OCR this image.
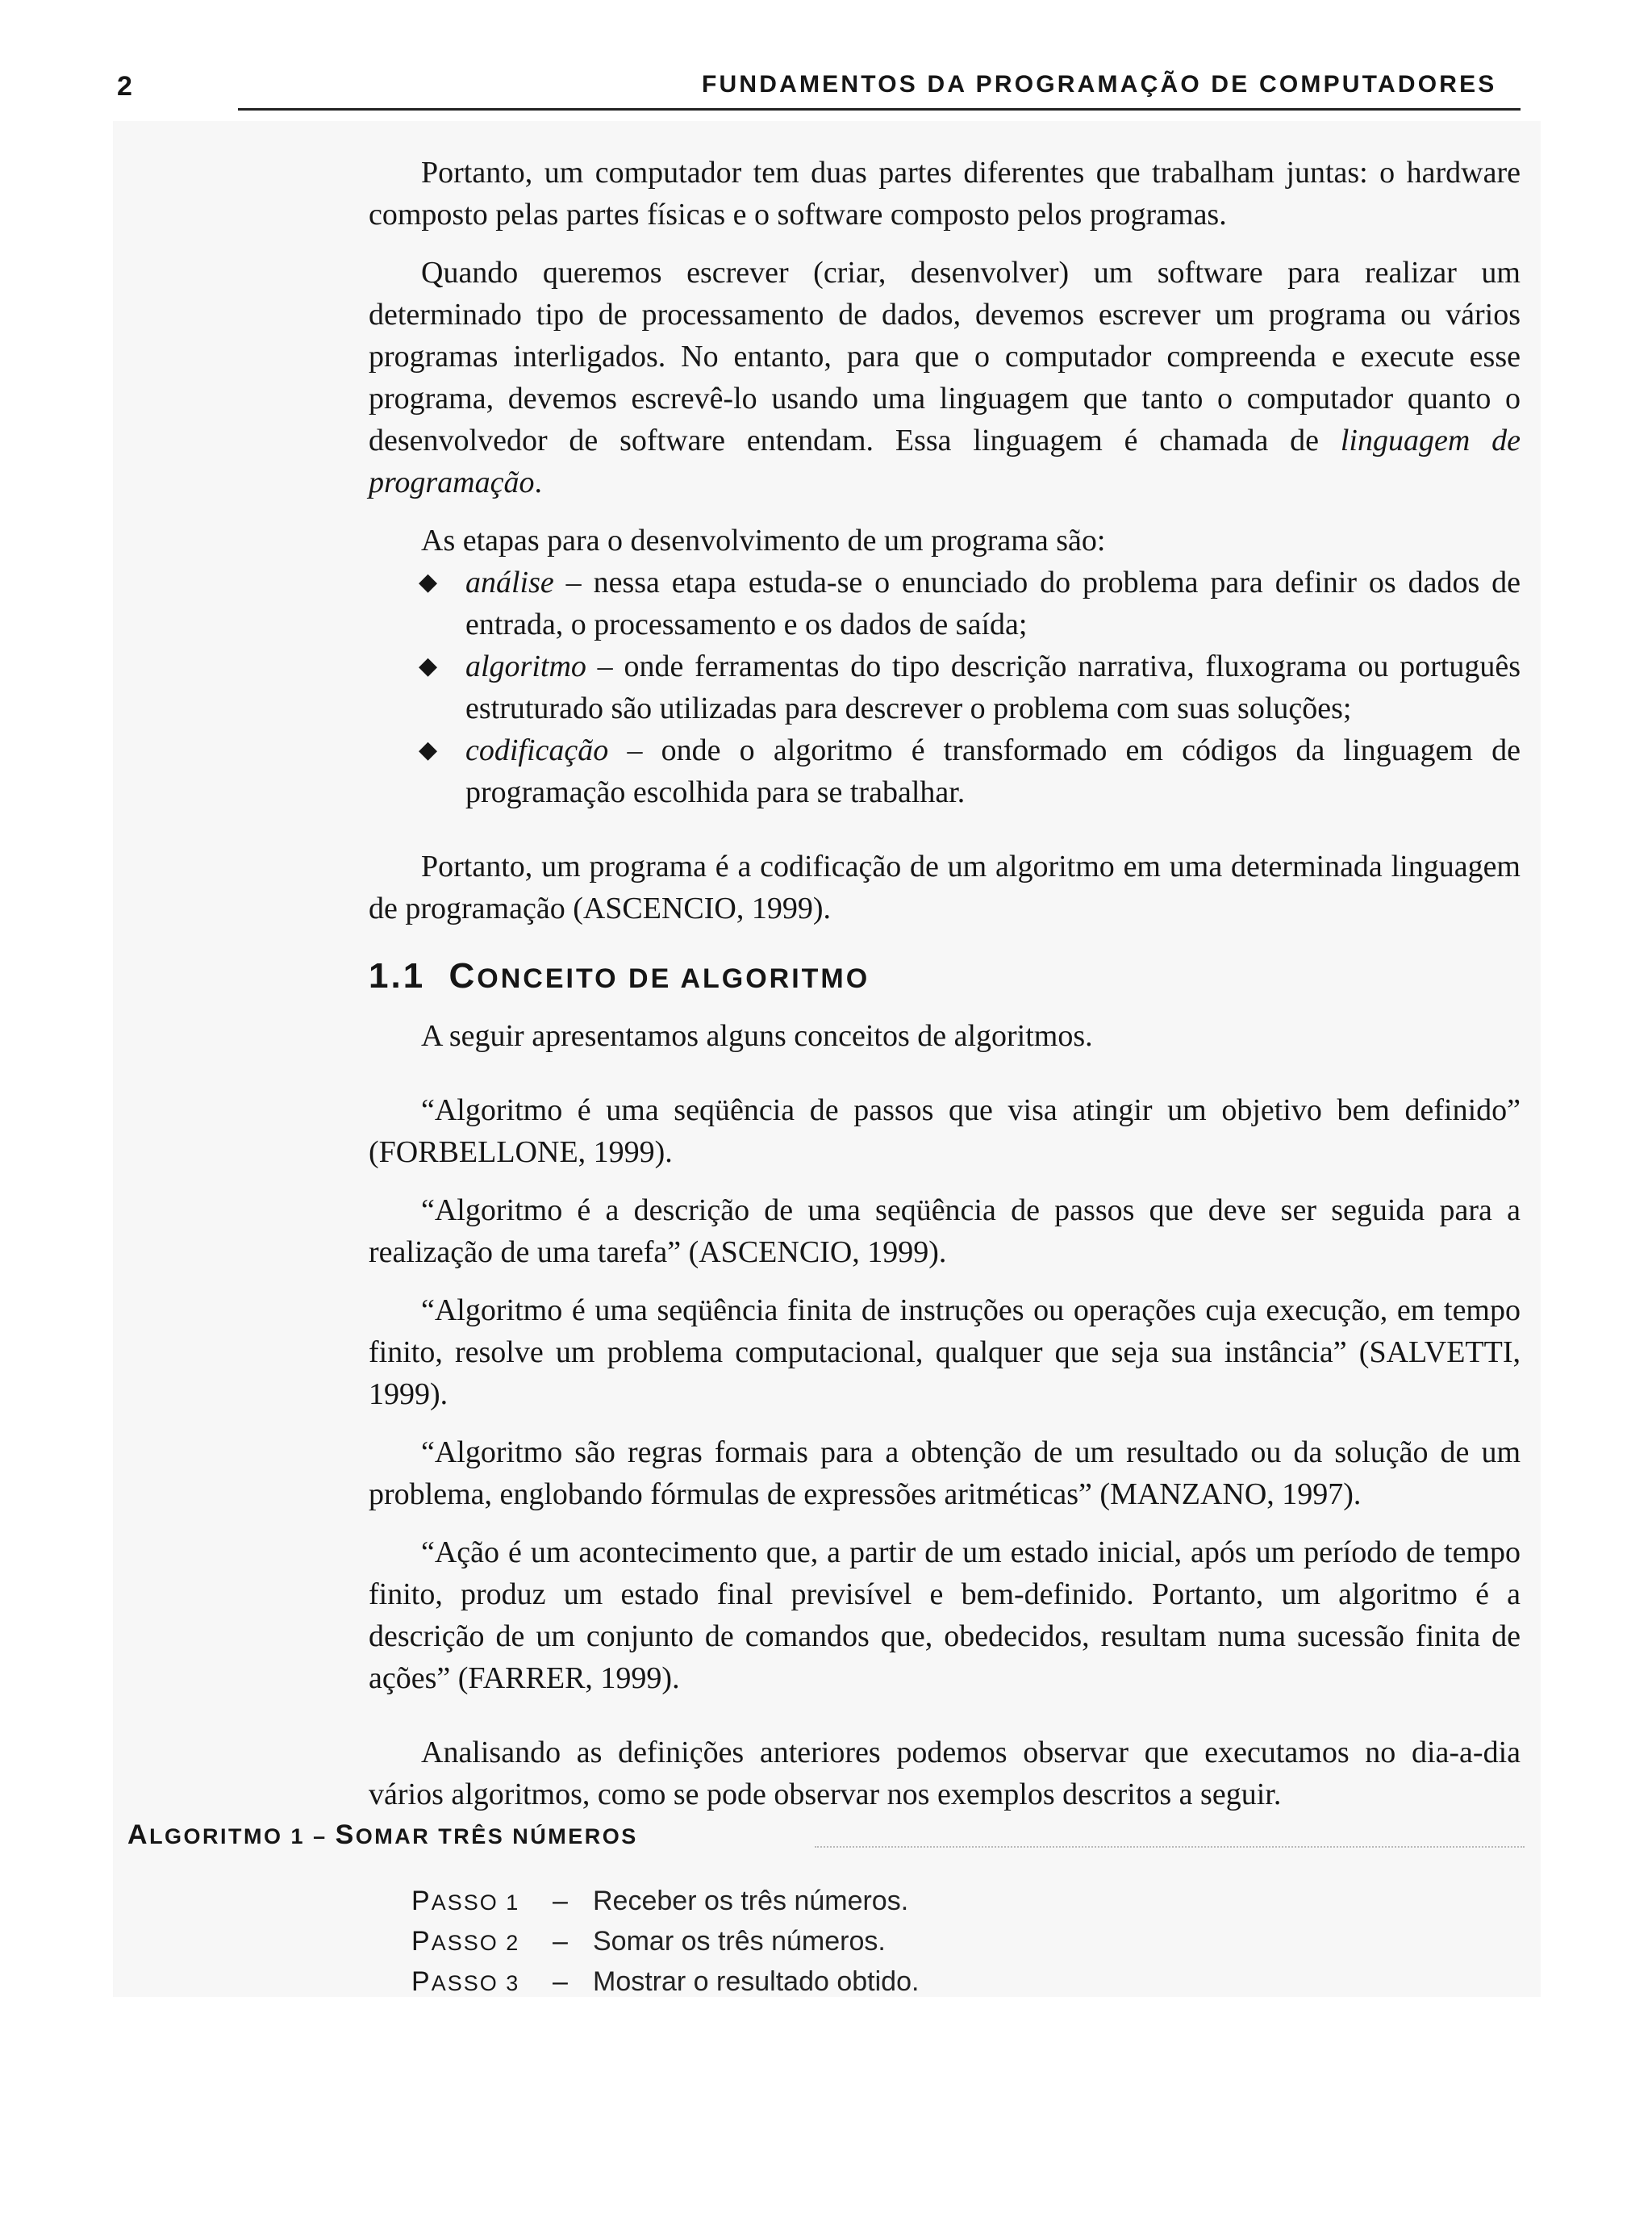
2	FUNDAMENTOS DA PROGRAMAÇÃO DE COMPUTADORES

Portanto, um computador tem duas partes diferentes que trabalham juntas: o hardware composto pelas partes físicas e o software composto pelos programas.

Quando queremos escrever (criar, desenvolver) um software para realizar um determinado tipo de processamento de dados, devemos escrever um programa ou vários programas interligados. No entanto, para que o computador compreenda e execute esse programa, devemos escrevê-lo usando uma linguagem que tanto o computador quanto o desenvolvedor de software entendam. Essa linguagem é chamada de linguagem de programação.

As etapas para o desenvolvimento de um programa são:

◆ análise – nessa etapa estuda-se o enunciado do problema para definir os dados de entrada, o processamento e os dados de saída;
◆ algoritmo – onde ferramentas do tipo descrição narrativa, fluxograma ou português estruturado são utilizadas para descrever o problema com suas soluções;
◆ codificação – onde o algoritmo é transformado em códigos da linguagem de programação escolhida para se trabalhar.

Portanto, um programa é a codificação de um algoritmo em uma determinada linguagem de programação (ASCENCIO, 1999).

1.1 CONCEITO DE ALGORITMO

A seguir apresentamos alguns conceitos de algoritmos.

“Algoritmo é uma seqüência de passos que visa atingir um objetivo bem definido” (FORBELLONE, 1999).

“Algoritmo é a descrição de uma seqüência de passos que deve ser seguida para a realização de uma tarefa” (ASCENCIO, 1999).

“Algoritmo é uma seqüência finita de instruções ou operações cuja execução, em tempo finito, resolve um problema computacional, qualquer que seja sua instância” (SALVETTI, 1999).

“Algoritmo são regras formais para a obtenção de um resultado ou da solução de um problema, englobando fórmulas de expressões aritméticas” (MANZANO, 1997).

“Ação é um acontecimento que, a partir de um estado inicial, após um período de tempo finito, produz um estado final previsível e bem-definido. Portanto, um algoritmo é a descrição de um conjunto de comandos que, obedecidos, resultam numa sucessão finita de ações” (FARRER, 1999).

Analisando as definições anteriores podemos observar que executamos no dia-a-dia vários algoritmos, como se pode observar nos exemplos descritos a seguir.

ALGORITMO 1 – SOMAR TRÊS NÚMEROS
PASSO 1 – Receber os três números.
PASSO 2 – Somar os três números.
PASSO 3 – Mostrar o resultado obtido.
